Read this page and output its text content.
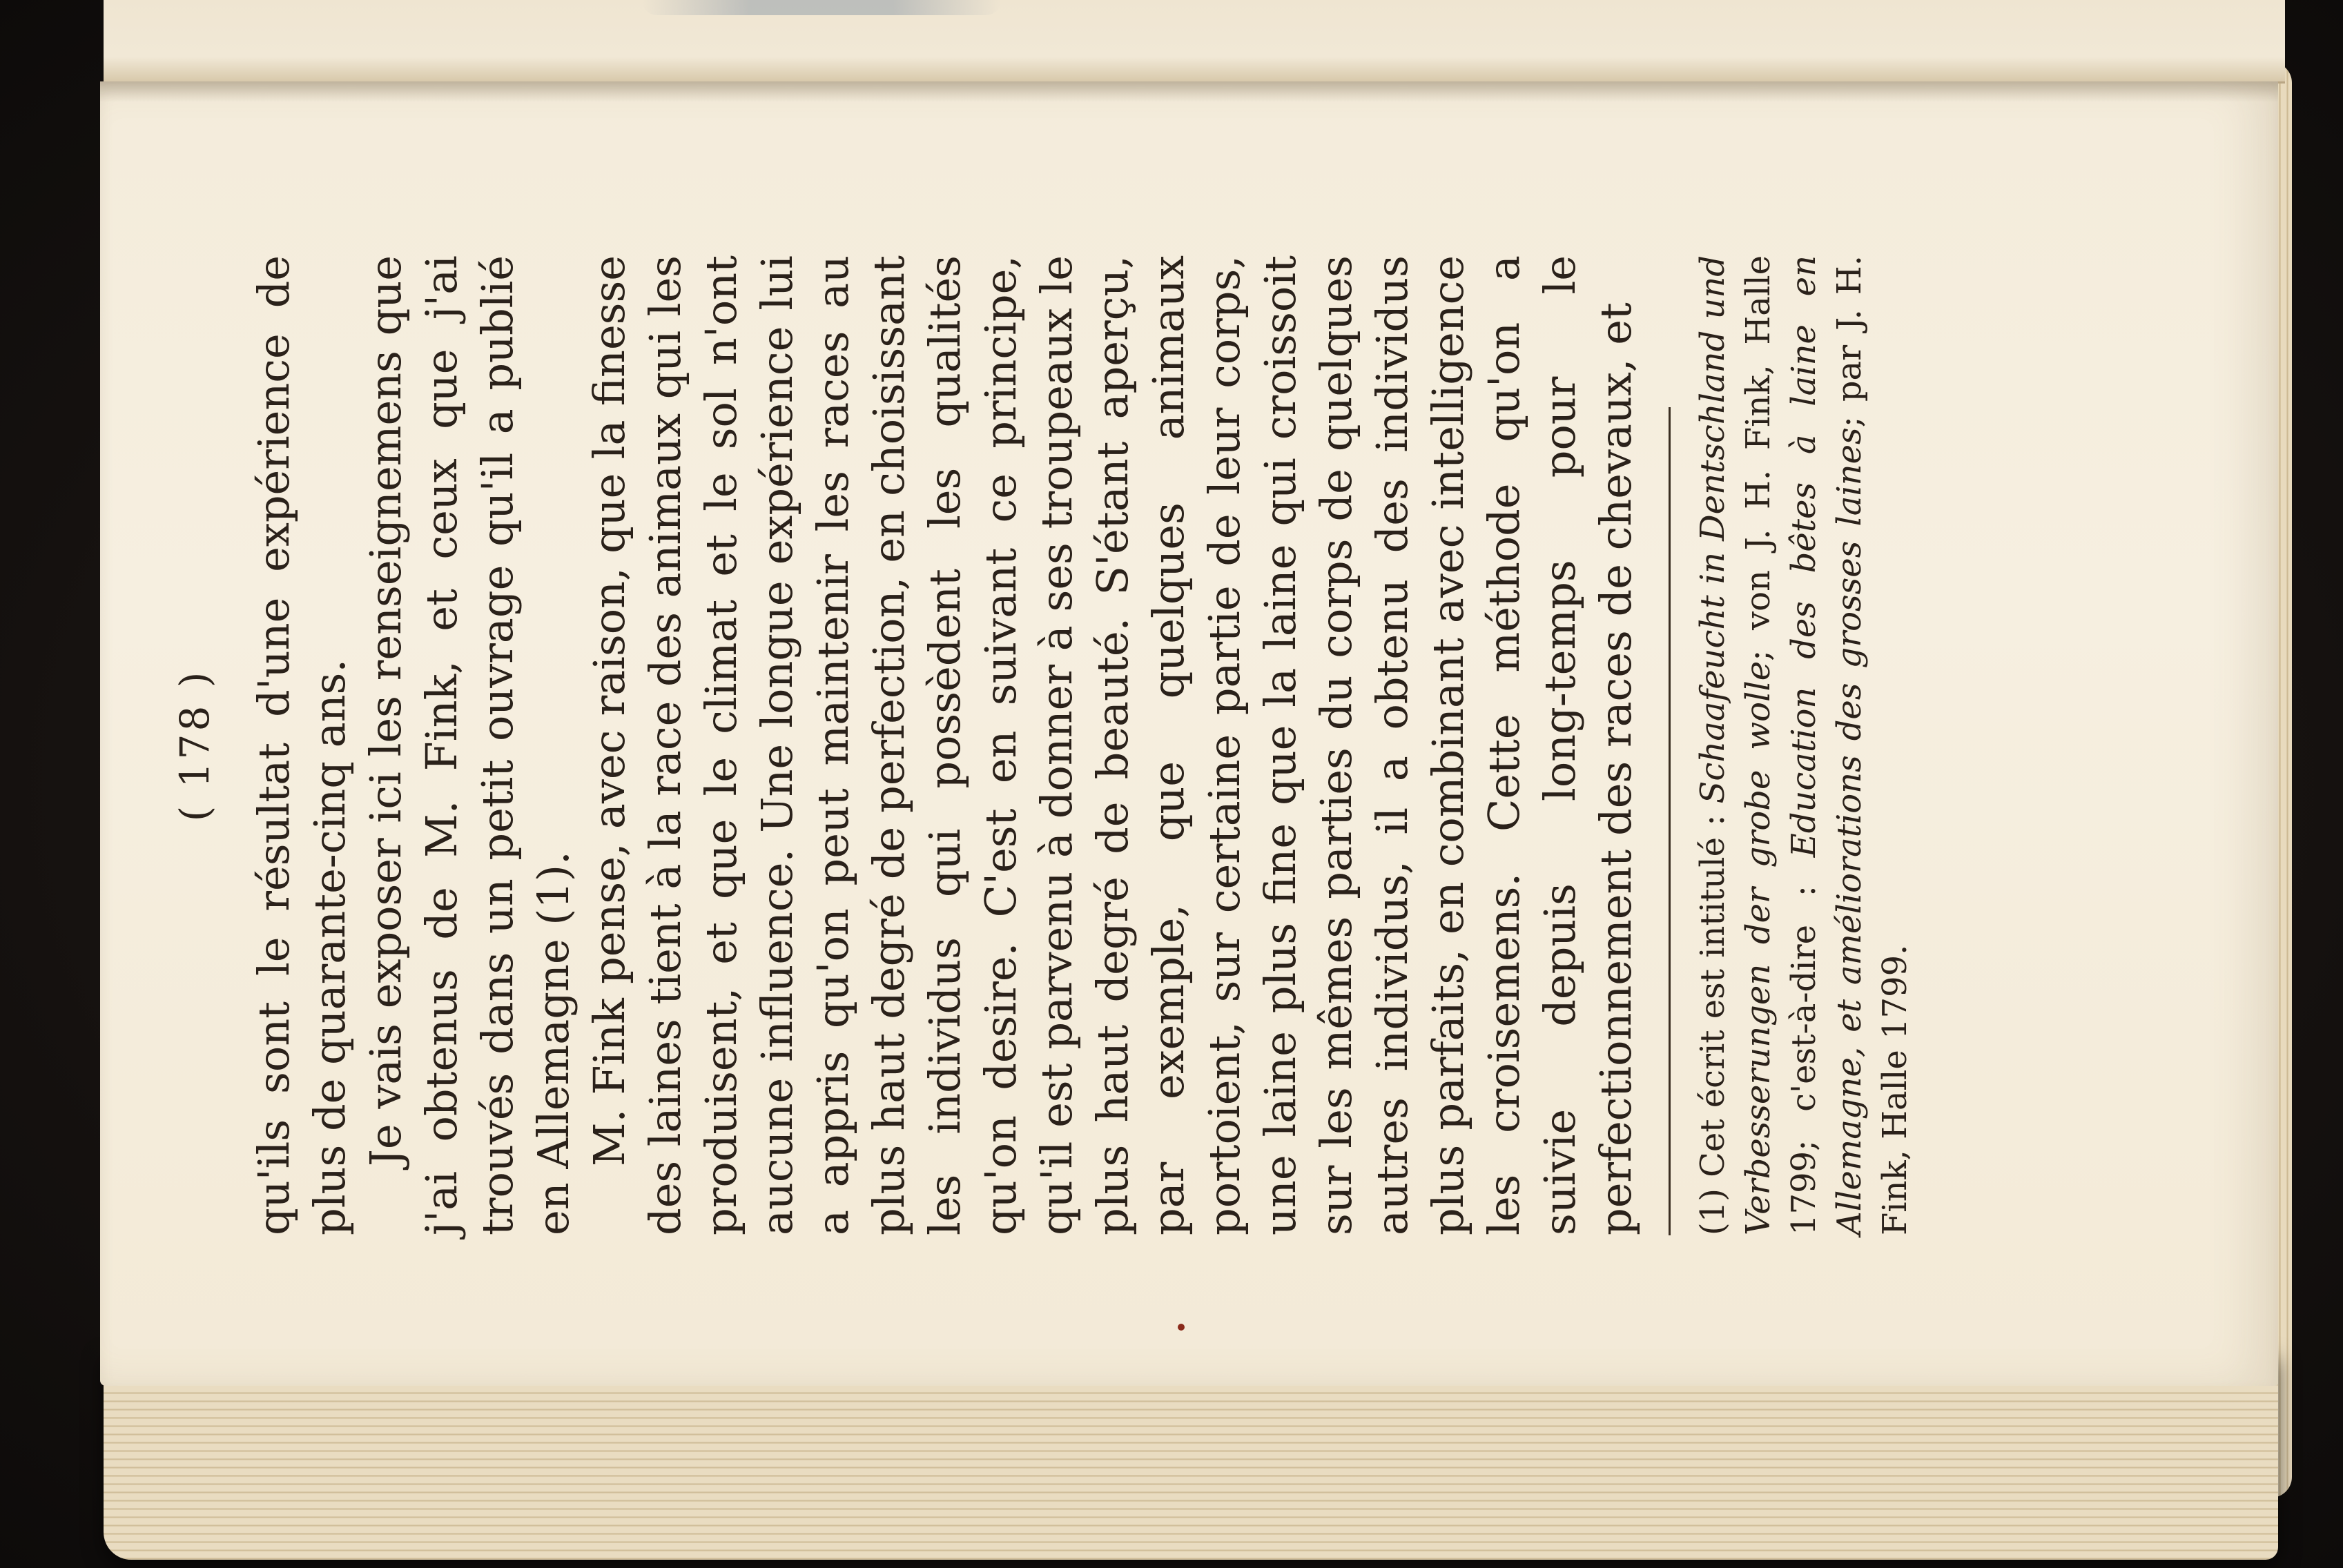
( 178 ) qu'ils sont le résultat d'une expérience de plus de quarante-cinq ans. Je vais exposer ici les renseignemens que j'ai obtenus de M. Fink, et ceux que j'ai trouvés dans un petit ouvrage qu'il a publié en Allemagne (1). M. Fink pense, avec raison, que la finesse des laines tient à la race des animaux qui les produisent, et que le climat et le sol n'ont aucune influence. Une longue expérience lui a appris qu'on peut maintenir les races au plus haut degré de perfection, en choisissant les individus qui possèdent les qualités qu'on desire. C'est en suivant ce principe, qu'il est parvenu à donner à ses troupeaux le plus haut degré de beauté. S'étant aperçu, par exemple, que quelques animaux portoient, sur certaine partie de leur corps, une laine plus fine que la laine qui croissoit sur les mêmes parties du corps de quelques autres individus, il a obtenu des individus plus parfaits, en combinant avec intelligence les croisemens. Cette méthode qu'on a suivie depuis long-temps pour le perfectionnement des races de chevaux, et (1) Cet écrit est intitulé : Schaafeucht in Dentschland und Verbesserungen der grobe wolle; von J. H. Fink, Halle 1799; c'est-à-dire : Education des bêtes à laine en Allemagne, et améliorations des grosses laines; par J. H. Fink, Halle 1799.
